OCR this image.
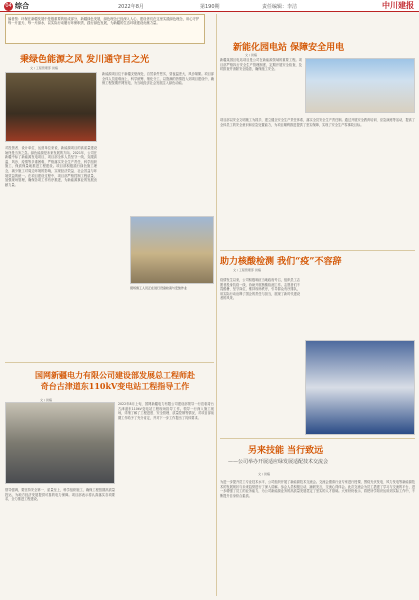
04 综合	2022年8月	第190期	责任编辑：李洁	中川建报
编者按：环保在新疆发展中是极重要的组成部分，新疆绿色发展，绿色理念已经深入人心，建设者们在这里实践绿色理念，用心守护每一片蓝天、每一片绿水，以实际行动履行环保职责，践行绿色发展，为新疆的生态环境建设贡献力量。
秉绿色能源之风 发川通守目之光
文 / 工程管理部 供稿
对投资者、设计单位、运营单位来说，新能源项目的高质量建设始终是当务之急。绿色能源是未来发展的方向。2021年，公司在新疆中标了新能源发电项目，项目部全体人员坚守一线，克服高温、风沙、疫情等多重困难，严格落实安全生产责任，科学组织施工，保质保量地推进工程建设。项目部积极践行绿色施工理念，减少施工对周边环境的影响，实现经济效益、社会效益与环境效益的统一。在项目建设过程中，项目部严格控制工程质量，加强现场管理，确保各项工作有序推进，为新能源事业的发展贡献力量。
新能源项目位于新疆戈壁深处，自然条件恶劣，昼夜温差大，风沙频繁。项目部全体人员迎难而上，科学统筹，细化分工，以饱满的热情投入到项目建设中，确保工程按期并网发电，为当地经济社会发展注入绿色动能。
现场施工人员正在进行设备检查与安装作业
新能化园电站 保障安全用电
文 / 供稿
新疆某园区电站项目是公司在新能源领域的重要工程。项目部严格执行安全生产管理制度，定期开展安全检查，及时排查并消除安全隐患，确保施工安全。
项目部以安全文明施工为抓手，建立健全安全生产责任体系，落实全员安全生产责任制。通过开展安全教育培训、应急演练等活动，提高了全体员工的安全意识和应急处置能力，为项目顺利推进提供了坚实保障，实现了安全生产零事故目标。
助力核酸检测 我们“疫”不容辞
文 / 工程管理部 供稿
疫情发生以来，公司积极响应当地政府号召，组织员工志愿者投身抗疫一线，协助开展核酸检测工作。志愿者们不畏酷暑、坚守岗位，维持现场秩序，引导群众有序排队，用实际行动诠释了国企的责任与担当，展现了新时代建设者的风采。
国网新疆电力有限公司建设部发展总工程师赴奇台古津道东110kV变电站工程指导工作
文 / 供稿
2022年8月上旬，国网新疆电力有限公司建设部领导一行莅临奇台古津道东110kV变电站工程现场指导工作。领导一行深入施工现场，详细了解了工程进度、安全管理、质量控制等情况，对项目部前期工作给予了充分肯定，并对下一步工作提出了具体要求。
领导强调，要坚持安全第一、质量至上，科学组织施工，确保工程按期高质量投运，为地方经济发展提供可靠的电力保障。项目部表示将认真落实各项要求，全力推进工程建设。
另来技能 当行致远
——公司举办开展适应绿发展适配技术交流会
文 / 供稿
为进一步提升员工专业技术水平，公司组织开展了新能源技术交流会。交流会邀请行业专家进行授课，围绕光伏发电、风力发电等新能源技术的发展现状与未来趋势进行了深入讲解。参会人员积极互动，踊跃发言，交流心得体会。此次交流会为员工搭建了学习与交流的平台，进一步增强了员工的业务能力，为公司新能源业务的高质量发展奠定了坚实的人才基础。大家纷纷表示，将把所学知识运用到实际工作中，不断提升自身综合素质。
